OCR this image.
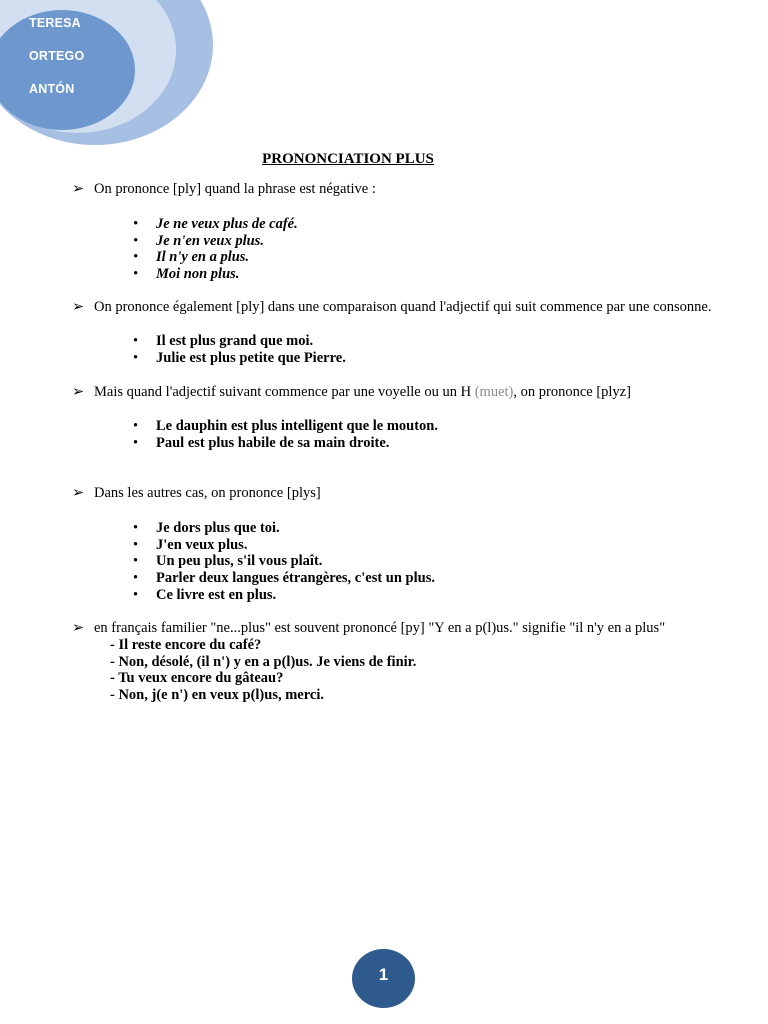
TERESA
ORTEGO
ANTÓN
PRONONCIATION PLUS
➢ On prononce [ply] quand la phrase est négative :
• Je ne veux plus de café.
• Je n'en veux plus.
• Il n'y en a plus.
• Moi non plus.
➢ On prononce également [ply] dans une comparaison quand l'adjectif qui suit commence par une consonne.
• Il est plus grand que moi.
• Julie est plus petite que Pierre.
➢ Mais quand l'adjectif suivant commence par une voyelle ou un H (muet), on prononce [plyz]
• Le dauphin est plus intelligent que le mouton.
• Paul est plus habile de sa main droite.
➢ Dans les autres cas, on prononce [plys]
• Je dors plus que toi.
• J'en veux plus.
• Un peu plus, s'il vous plaît.
• Parler deux langues étrangères, c'est un plus.
• Ce livre est en plus.
➢ en français familier "ne...plus" est souvent prononcé [py] "Y en a p(l)us." signifie "il n'y en a plus"
- Il reste encore du café?
- Non, désolé, (il n') y en a p(l)us. Je viens de finir.
- Tu veux encore du gâteau?
- Non, j(e n') en veux p(l)us, merci.
1
